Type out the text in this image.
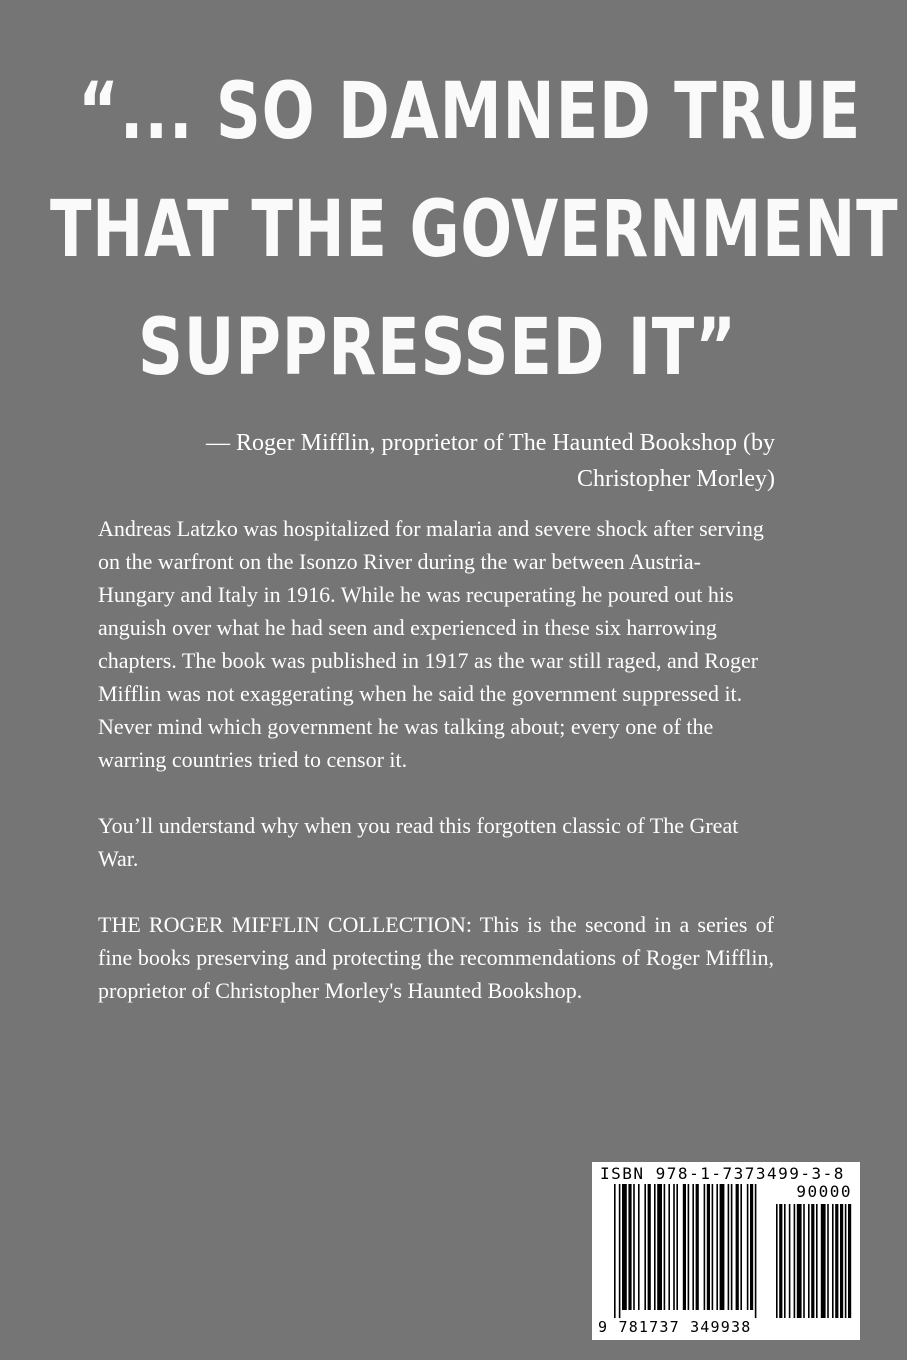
“... SO DAMNED TRUE
THAT THE GOVERNMENT
SUPPRESSED IT”
— Roger Mifflin, proprietor of The Haunted Bookshop (by
Christopher Morley)

Andreas Latzko was hospitalized for malaria and severe shock after serving on the warfront on the Isonzo River during the war between Austria-Hungary and Italy in 1916. While he was recuperating he poured out his anguish over what he had seen and experienced in these six harrowing chapters. The book was published in 1917 as the war still raged, and Roger Mifflin was not exaggerating when he said the government suppressed it. Never mind which government he was talking about; every one of the warring countries tried to censor it.

You’ll understand why when you read this forgotten classic of The Great War.

THE ROGER MIFFLIN COLLECTION: This is the second in a series of fine books preserving and protecting the recommendations of Roger Mifflin, proprietor of Christopher Morley's Haunted Bookshop.

ISBN 978-1-7373499-3-8
90000
9 781737 349938
